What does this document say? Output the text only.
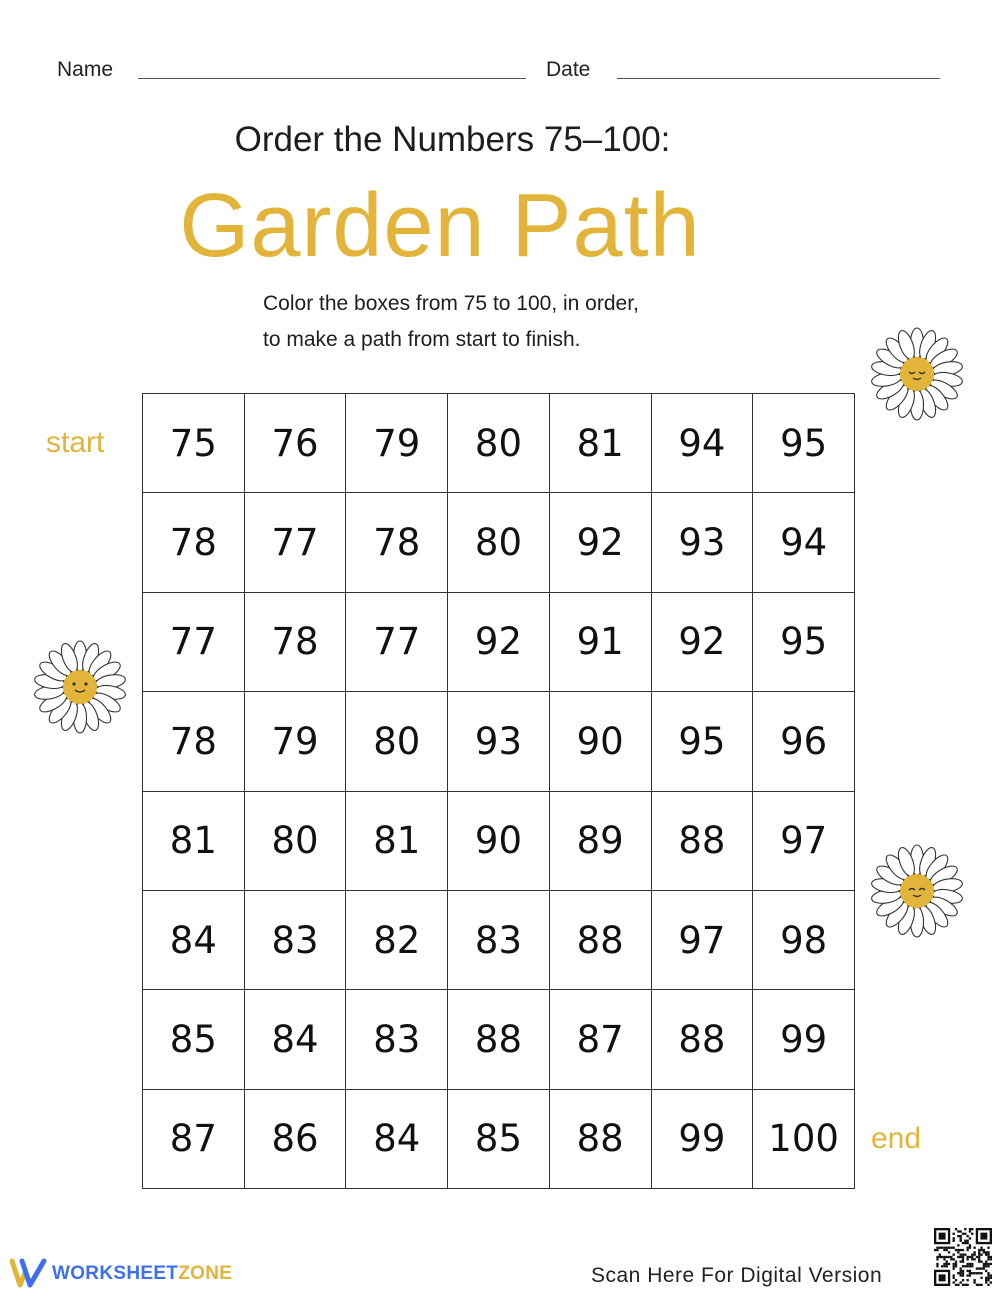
Name	Date
Order the Numbers 75–100:
Garden Path
Color the boxes from 75 to 100, in order,
to make a path from start to finish.
start
end
75	76	79	80	81	94	95
78	77	78	80	92	93	94
77	78	77	92	91	92	95
78	79	80	93	90	95	96
81	80	81	90	89	88	97
84	83	82	83	88	97	98
85	84	83	88	87	88	99
87	86	84	85	88	99	100
WORKSHEETZONE	Scan Here For Digital Version
